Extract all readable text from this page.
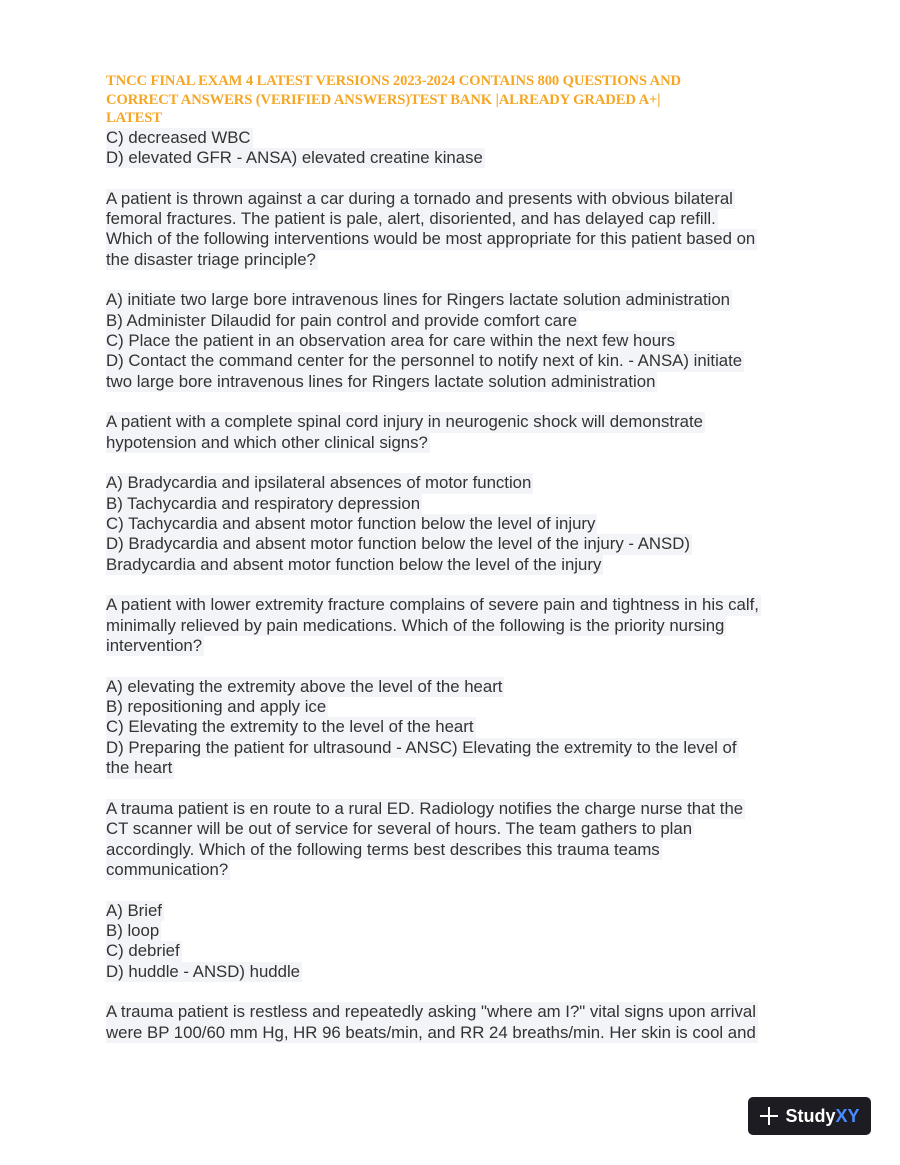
TNCC FINAL EXAM 4 LATEST VERSIONS 2023-2024 CONTAINS 800 QUESTIONS AND
CORRECT ANSWERS (VERIFIED ANSWERS)TEST BANK |ALREADY GRADED A+|
LATEST
C) decreased WBC
D) elevated GFR - ANSA) elevated creatine kinase
A patient is thrown against a car during a tornado and presents with obvious bilateral
femoral fractures. The patient is pale, alert, disoriented, and has delayed cap refill.
Which of the following interventions would be most appropriate for this patient based on
the disaster triage principle?
A) initiate two large bore intravenous lines for Ringers lactate solution administration
B) Administer Dilaudid for pain control and provide comfort care
C) Place the patient in an observation area for care within the next few hours
D) Contact the command center for the personnel to notify next of kin. - ANSA) initiate
two large bore intravenous lines for Ringers lactate solution administration
A patient with a complete spinal cord injury in neurogenic shock will demonstrate
hypotension and which other clinical signs?
A) Bradycardia and ipsilateral absences of motor function
B) Tachycardia and respiratory depression
C) Tachycardia and absent motor function below the level of injury
D) Bradycardia and absent motor function below the level of the injury - ANSD)
Bradycardia and absent motor function below the level of the injury
A patient with lower extremity fracture complains of severe pain and tightness in his calf,
minimally relieved by pain medications. Which of the following is the priority nursing
intervention?
A) elevating the extremity above the level of the heart
B) repositioning and apply ice
C) Elevating the extremity to the level of the heart
D) Preparing the patient for ultrasound - ANSC) Elevating the extremity to the level of
the heart
A trauma patient is en route to a rural ED. Radiology notifies the charge nurse that the
CT scanner will be out of service for several of hours. The team gathers to plan
accordingly. Which of the following terms best describes this trauma teams
communication?
A) Brief
B) loop
C) debrief
D) huddle - ANSD) huddle
A trauma patient is restless and repeatedly asking "where am I?" vital signs upon arrival
were BP 100/60 mm Hg, HR 96 beats/min, and RR 24 breaths/min. Her skin is cool and
Study XY
